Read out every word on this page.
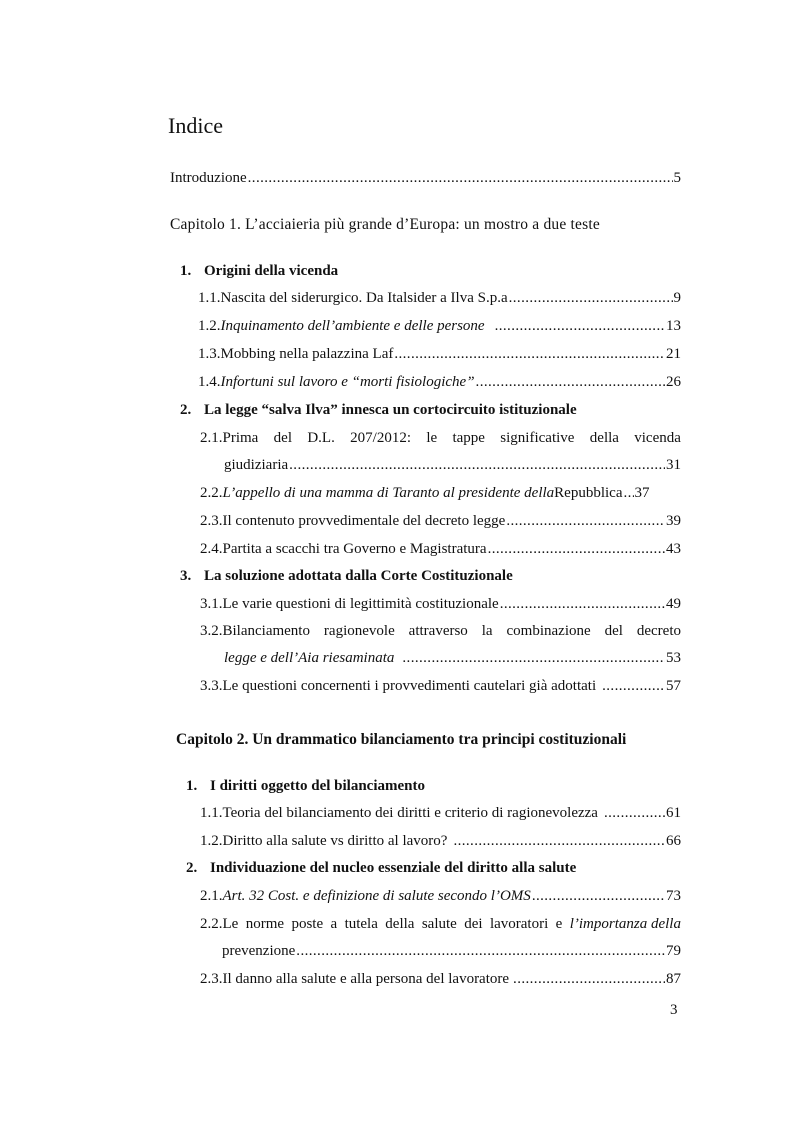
Indice
Introduzione .....	5
Capitolo 1. L’acciaieria più grande d’Europa: un mostro a due teste
1. Origini della vicenda
1.1. Nascita del siderurgico. Da Italsider a Ilva S.p.a .....	9
1.2. Inquinamento dell’ambiente e delle persone .....	13
1.3. Mobbing nella palazzina Laf .....	21
1.4. Infortuni sul lavoro e “morti fisiologiche” .....	26
2. La legge “salva Ilva” innesca un cortocircuito istituzionale
2.1.Prima del D.L. 207/2012: le tappe significative della vicenda
giudiziaria .....	31
2.2. L’appello di una mamma di Taranto al presidente della Repubblica ..... 37
2.3. Il contenuto provvedimentale del decreto legge .....	39
2.4. Partita a scacchi tra Governo e Magistratura .....	43
3. La soluzione adottata dalla Corte Costituzionale
3.1. Le varie questioni di legittimità costituzionale .....	49
3.2.Bilanciamento ragionevole attraverso la combinazione del decreto
legge e dell’Aia riesaminata .....	53
3.3. Le questioni concernenti i provvedimenti cautelari già adottati .....	57
Capitolo 2. Un drammatico bilanciamento tra principi costituzionali
1. I diritti oggetto del bilanciamento
1.1. Teoria del bilanciamento dei diritti e criterio di ragionevolezza .....	61
1.2. Diritto alla salute vs diritto al lavoro? .....	66
2. Individuazione del nucleo essenziale del diritto alla salute
2.1. Art. 32 Cost. e definizione di salute secondo l’OMS .....	73
2.2.Le norme poste a tutela della salute dei lavoratori e l’importanza della
prevenzione .....	79
2.3. Il danno alla salute e alla persona del lavoratore .....	87
3
